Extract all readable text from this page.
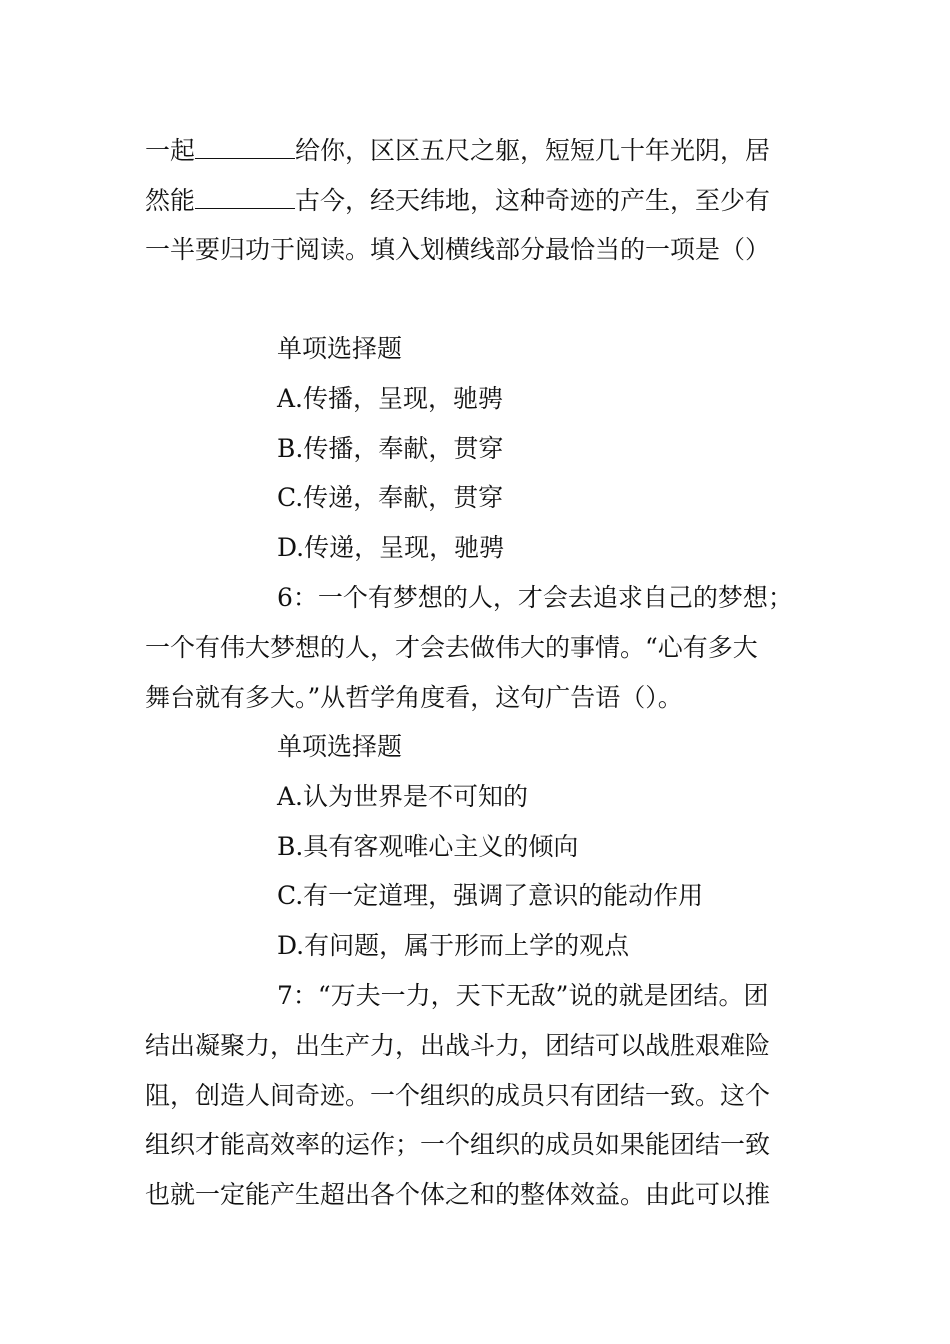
一起	给你，区区五尺之躯，短短几十年光阴，居
然能	古今，经天纬地，这种奇迹的产生，至少有
一半要归功于阅读。填入划横线部分最恰当的一项是（）
单项选择题
A.传播，呈现，驰骋
B.传播，奉献，贯穿
C.传递，奉献，贯穿
D.传递，呈现，驰骋
6：一个有梦想的人，才会去追求自己的梦想；
一个有伟大梦想的人，才会去做伟大的事情。“心有多大
舞台就有多大。”从哲学角度看，这句广告语（）。
单项选择题
A.认为世界是不可知的
B.具有客观唯心主义的倾向
C.有一定道理，强调了意识的能动作用
D.有问题，属于形而上学的观点
7：“万夫一力，天下无敌”说的就是团结。团
结出凝聚力，出生产力，出战斗力，团结可以战胜艰难险
阻，创造人间奇迹。一个组织的成员只有团结一致。这个
组织才能高效率的运作；一个组织的成员如果能团结一致
也就一定能产生超出各个体之和的整体效益。由此可以推
